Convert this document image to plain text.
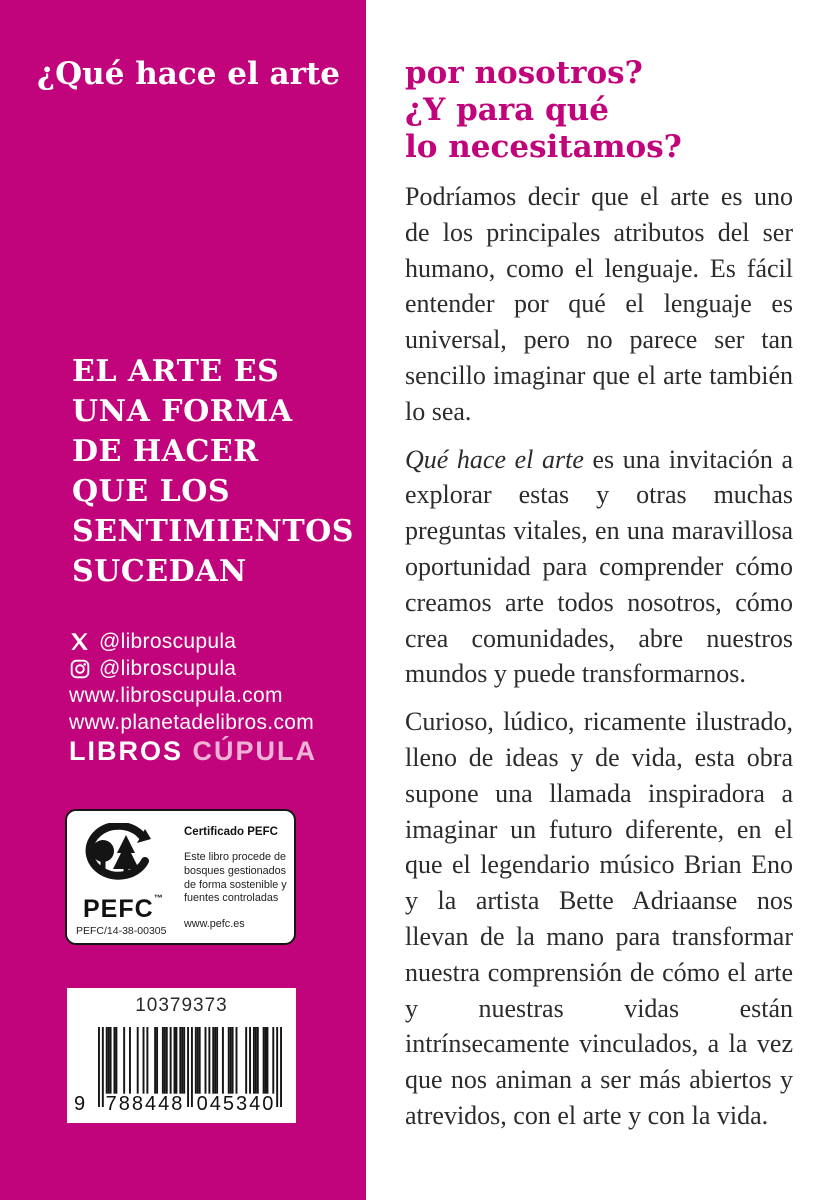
¿Qué hace el arte
EL ARTE ES
UNA FORMA
DE HACER
QUE LOS
SENTIMIENTOS
SUCEDAN
@libroscupula
@libroscupula
www.libroscupula.com
www.planetadelibros.com
LIBROS CÚPULA
PEFC™
PEFC/14-38-00305
Certificado PEFC
Este libro procede de bosques gestionados de forma sostenible y fuentes controladas
www.pefc.es
10379373
9 788448 045340
por nosotros?
¿Y para qué
lo necesitamos?

Podríamos decir que el arte es uno de los principales atributos del ser humano, como el lenguaje. Es fácil entender por qué el lenguaje es universal, pero no parece ser tan sencillo imaginar que el arte también lo sea.

Qué hace el arte es una invitación a explorar estas y otras muchas preguntas vitales, en una maravillosa oportunidad para comprender cómo creamos arte todos nosotros, cómo crea comunidades, abre nuestros mundos y puede transformarnos.

Curioso, lúdico, ricamente ilustrado, lleno de ideas y de vida, esta obra supone una llamada inspiradora a imaginar un futuro diferente, en el que el legendario músico Brian Eno y la artista Bette Adriaanse nos llevan de la mano para transformar nuestra comprensión de cómo el arte y nuestras vidas están intrínsecamente vinculados, a la vez que nos animan a ser más abiertos y atrevidos, con el arte y con la vida.
